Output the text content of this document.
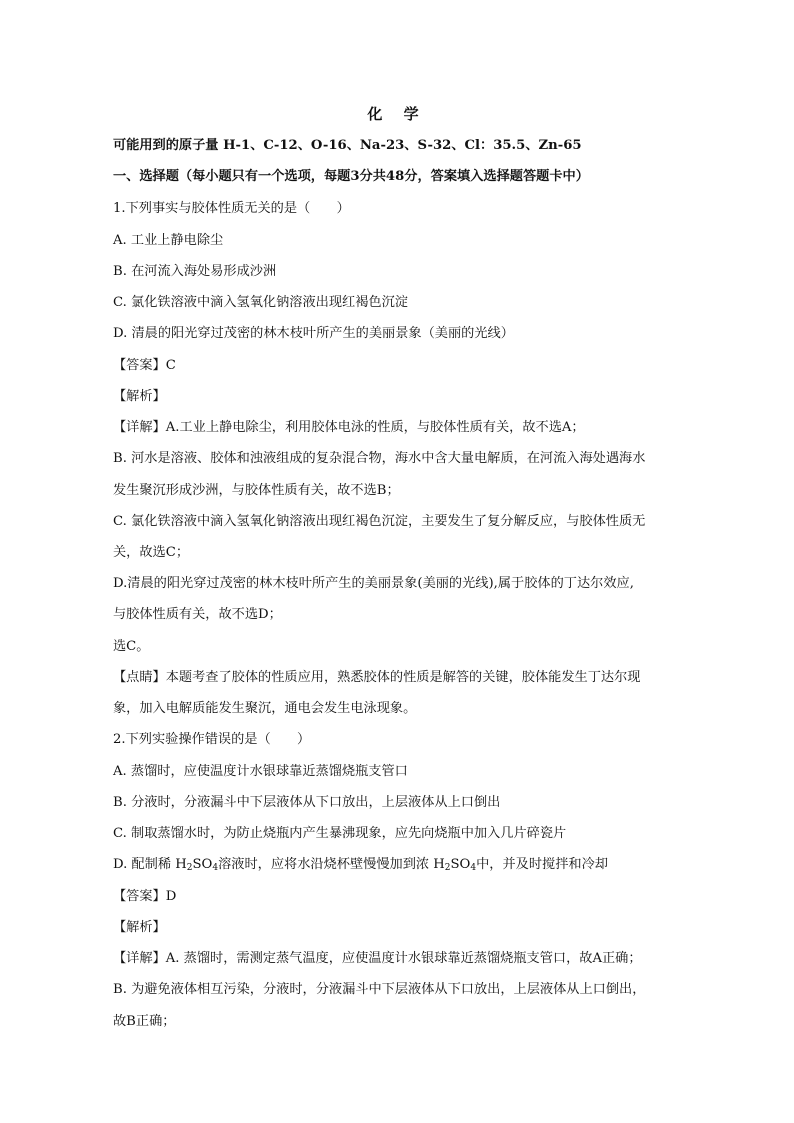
化 学
可能用到的原子量 H-1、C-12、O-16、Na-23、S-32、Cl：35.5、Zn-65
一、选择题（每小题只有一个选项，每题3分共48分，答案填入选择题答题卡中）
1.下列事实与胶体性质无关的是（　　）
A. 工业上静电除尘
B. 在河流入海处易形成沙洲
C. 氯化铁溶液中滴入氢氧化钠溶液出现红褐色沉淀
D. 清晨的阳光穿过茂密的林木枝叶所产生的美丽景象（美丽的光线）
【答案】C
【解析】
【详解】A.工业上静电除尘，利用胶体电泳的性质，与胶体性质有关，故不选A；
B. 河水是溶液、胶体和浊液组成的复杂混合物，海水中含大量电解质，在河流入海处遇海水
发生聚沉形成沙洲，与胶体性质有关，故不选B；
C. 氯化铁溶液中滴入氢氧化钠溶液出现红褐色沉淀，主要发生了复分解反应，与胶体性质无
关，故选C；
D.清晨的阳光穿过茂密的林木枝叶所产生的美丽景象(美丽的光线),属于胶体的丁达尔效应,
与胶体性质有关，故不选D；
选C。
【点睛】本题考查了胶体的性质应用，熟悉胶体的性质是解答的关键，胶体能发生丁达尔现
象，加入电解质能发生聚沉，通电会发生电泳现象。
2.下列实验操作错误的是（　　）
A. 蒸馏时，应使温度计水银球靠近蒸馏烧瓶支管口
B. 分液时，分液漏斗中下层液体从下口放出，上层液体从上口倒出
C. 制取蒸馏水时，为防止烧瓶内产生暴沸现象，应先向烧瓶中加入几片碎瓷片
D. 配制稀 $H_2SO_4$溶液时，应将水沿烧杯壁慢慢加到浓 $H_2SO_4$中，并及时搅拌和冷却
【答案】D
【解析】
【详解】A. 蒸馏时，需测定蒸气温度，应使温度计水银球靠近蒸馏烧瓶支管口，故A正确；
B. 为避免液体相互污染，分液时，分液漏斗中下层液体从下口放出，上层液体从上口倒出，
故B正确；
